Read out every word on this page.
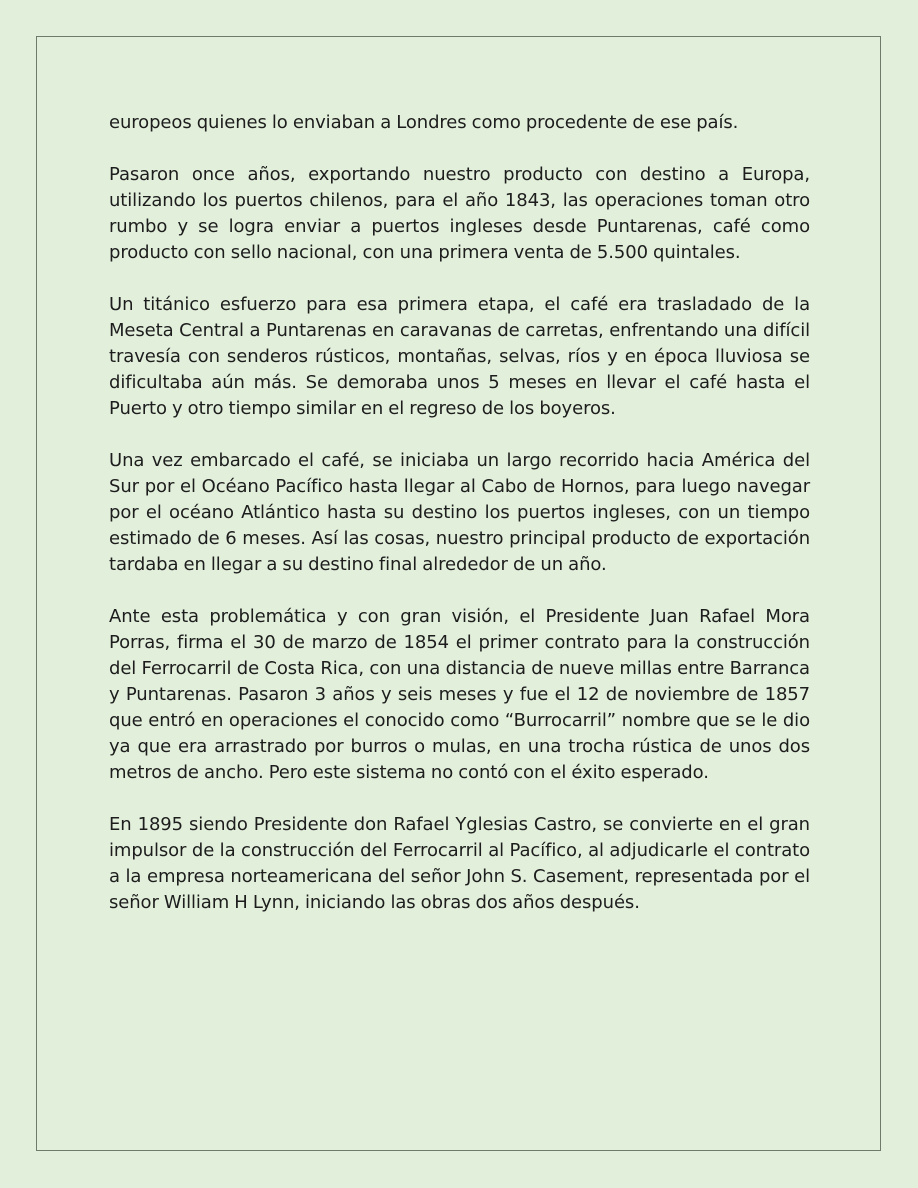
europeos quienes lo enviaban a Londres como procedente de ese país.

Pasaron once años, exportando nuestro producto con destino a Europa, utilizando los puertos chilenos, para el año 1843, las operaciones toman otro rumbo y se logra enviar a puertos ingleses desde Puntarenas, café como producto con sello nacional, con una primera venta de 5.500 quintales.

Un titánico esfuerzo para esa primera etapa, el café era trasladado de la Meseta Central a Puntarenas en caravanas de carretas, enfrentando una difícil travesía con senderos rústicos, montañas, selvas, ríos y en época lluviosa se dificultaba aún más. Se demoraba unos 5 meses en llevar el café hasta el Puerto y otro tiempo similar en el regreso de los boyeros.

Una vez embarcado el café, se iniciaba un largo recorrido hacia América del Sur por el Océano Pacífico hasta llegar al Cabo de Hornos, para luego navegar por el océano Atlántico hasta su destino los puertos ingleses, con un tiempo estimado de 6 meses. Así las cosas, nuestro principal producto de exportación tardaba en llegar a su destino final alrededor de un año.

Ante esta problemática y con gran visión, el Presidente Juan Rafael Mora Porras, firma el 30 de marzo de 1854 el primer contrato para la construcción del Ferrocarril de Costa Rica, con una distancia de nueve millas entre Barranca y Puntarenas. Pasaron 3 años y seis meses y fue el 12 de noviembre de 1857 que entró en operaciones el conocido como “Burrocarril” nombre que se le dio ya que era arrastrado por burros o mulas, en una trocha rústica de unos dos metros de ancho. Pero este sistema no contó con el éxito esperado.

En 1895 siendo Presidente don Rafael Yglesias Castro, se convierte en el gran impulsor de la construcción del Ferrocarril al Pacífico, al adjudicarle el contrato a la empresa norteamericana del señor John S. Casement, representada por el señor William H Lynn, iniciando las obras dos años después.
